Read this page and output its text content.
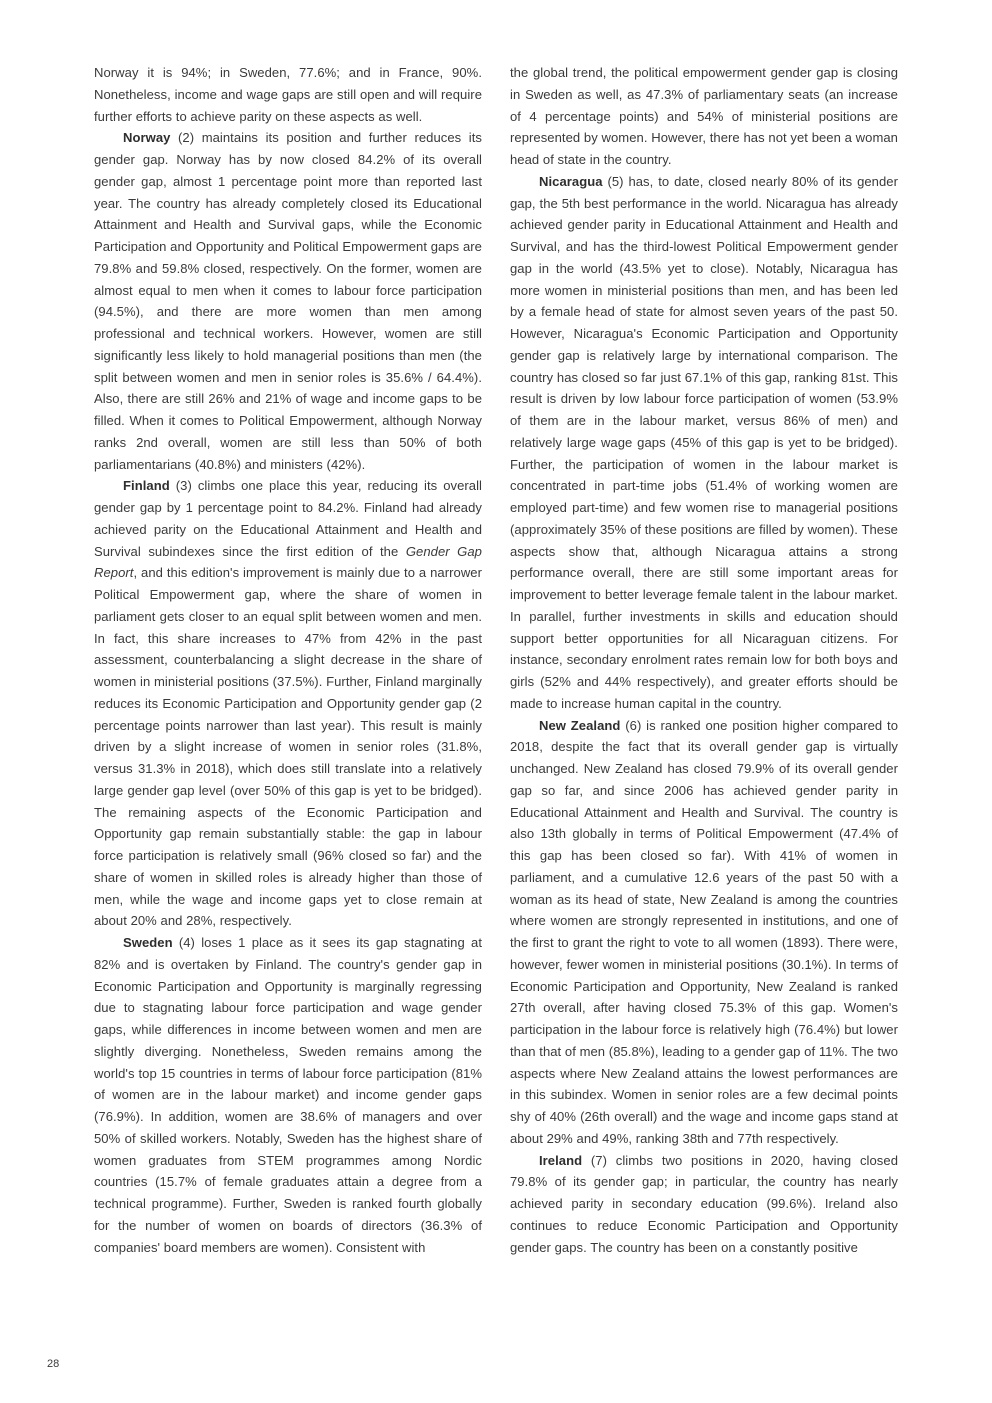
Norway it is 94%; in Sweden, 77.6%; and in France, 90%. Nonetheless, income and wage gaps are still open and will require further efforts to achieve parity on these aspects as well.

Norway (2) maintains its position and further reduces its gender gap. Norway has by now closed 84.2% of its overall gender gap, almost 1 percentage point more than reported last year. The country has already completely closed its Educational Attainment and Health and Survival gaps, while the Economic Participation and Opportunity and Political Empowerment gaps are 79.8% and 59.8% closed, respectively. On the former, women are almost equal to men when it comes to labour force participation (94.5%), and there are more women than men among professional and technical workers. However, women are still significantly less likely to hold managerial positions than men (the split between women and men in senior roles is 35.6% / 64.4%). Also, there are still 26% and 21% of wage and income gaps to be filled. When it comes to Political Empowerment, although Norway ranks 2nd overall, women are still less than 50% of both parliamentarians (40.8%) and ministers (42%).

Finland (3) climbs one place this year, reducing its overall gender gap by 1 percentage point to 84.2%. Finland had already achieved parity on the Educational Attainment and Health and Survival subindexes since the first edition of the Gender Gap Report, and this edition's improvement is mainly due to a narrower Political Empowerment gap, where the share of women in parliament gets closer to an equal split between women and men. In fact, this share increases to 47% from 42% in the past assessment, counterbalancing a slight decrease in the share of women in ministerial positions (37.5%). Further, Finland marginally reduces its Economic Participation and Opportunity gender gap (2 percentage points narrower than last year). This result is mainly driven by a slight increase of women in senior roles (31.8%, versus 31.3% in 2018), which does still translate into a relatively large gender gap level (over 50% of this gap is yet to be bridged). The remaining aspects of the Economic Participation and Opportunity gap remain substantially stable: the gap in labour force participation is relatively small (96% closed so far) and the share of women in skilled roles is already higher than those of men, while the wage and income gaps yet to close remain at about 20% and 28%, respectively.

Sweden (4) loses 1 place as it sees its gap stagnating at 82% and is overtaken by Finland. The country's gender gap in Economic Participation and Opportunity is marginally regressing due to stagnating labour force participation and wage gender gaps, while differences in income between women and men are slightly diverging. Nonetheless, Sweden remains among the world's top 15 countries in terms of labour force participation (81% of women are in the labour market) and income gender gaps (76.9%). In addition, women are 38.6% of managers and over 50% of skilled workers. Notably, Sweden has the highest share of women graduates from STEM programmes among Nordic countries (15.7% of female graduates attain a degree from a technical programme). Further, Sweden is ranked fourth globally for the number of women on boards of directors (36.3% of companies' board members are women). Consistent with

the global trend, the political empowerment gender gap is closing in Sweden as well, as 47.3% of parliamentary seats (an increase of 4 percentage points) and 54% of ministerial positions are represented by women. However, there has not yet been a woman head of state in the country.

Nicaragua (5) has, to date, closed nearly 80% of its gender gap, the 5th best performance in the world. Nicaragua has already achieved gender parity in Educational Attainment and Health and Survival, and has the third-lowest Political Empowerment gender gap in the world (43.5% yet to close). Notably, Nicaragua has more women in ministerial positions than men, and has been led by a female head of state for almost seven years of the past 50. However, Nicaragua's Economic Participation and Opportunity gender gap is relatively large by international comparison. The country has closed so far just 67.1% of this gap, ranking 81st. This result is driven by low labour force participation of women (53.9% of them are in the labour market, versus 86% of men) and relatively large wage gaps (45% of this gap is yet to be bridged). Further, the participation of women in the labour market is concentrated in part-time jobs (51.4% of working women are employed part-time) and few women rise to managerial positions (approximately 35% of these positions are filled by women). These aspects show that, although Nicaragua attains a strong performance overall, there are still some important areas for improvement to better leverage female talent in the labour market. In parallel, further investments in skills and education should support better opportunities for all Nicaraguan citizens. For instance, secondary enrolment rates remain low for both boys and girls (52% and 44% respectively), and greater efforts should be made to increase human capital in the country.

New Zealand (6) is ranked one position higher compared to 2018, despite the fact that its overall gender gap is virtually unchanged. New Zealand has closed 79.9% of its overall gender gap so far, and since 2006 has achieved gender parity in Educational Attainment and Health and Survival. The country is also 13th globally in terms of Political Empowerment (47.4% of this gap has been closed so far). With 41% of women in parliament, and a cumulative 12.6 years of the past 50 with a woman as its head of state, New Zealand is among the countries where women are strongly represented in institutions, and one of the first to grant the right to vote to all women (1893). There were, however, fewer women in ministerial positions (30.1%). In terms of Economic Participation and Opportunity, New Zealand is ranked 27th overall, after having closed 75.3% of this gap. Women's participation in the labour force is relatively high (76.4%) but lower than that of men (85.8%), leading to a gender gap of 11%. The two aspects where New Zealand attains the lowest performances are in this subindex. Women in senior roles are a few decimal points shy of 40% (26th overall) and the wage and income gaps stand at about 29% and 49%, ranking 38th and 77th respectively.

Ireland (7) climbs two positions in 2020, having closed 79.8% of its gender gap; in particular, the country has nearly achieved parity in secondary education (99.6%). Ireland also continues to reduce Economic Participation and Opportunity gender gaps. The country has been on a constantly positive

28
